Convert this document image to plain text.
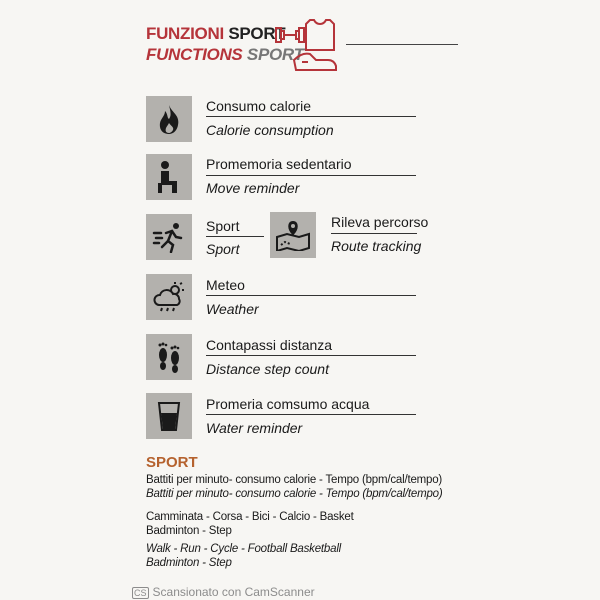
FUNZIONI SPORT
FUNCTIONS SPORT
Consumo calorie
Calorie consumption
Promemoria sedentario
Move reminder
Sport
Sport
Rileva percorso
Route tracking
Meteo
Weather
Contapassi distanza
Distance step count
Promeria comsumo acqua
Water reminder
SPORT
Battiti per minuto- consumo calorie - Tempo (bpm/cal/tempo)
Battiti per minuto- consumo calorie - Tempo (bpm/cal/tempo)
Camminata - Corsa - Bici - Calcio - Basket
Badminton - Step
Walk - Run - Cycle - Football Basketball
Badminton - Step
CS Scansionato con CamScanner
